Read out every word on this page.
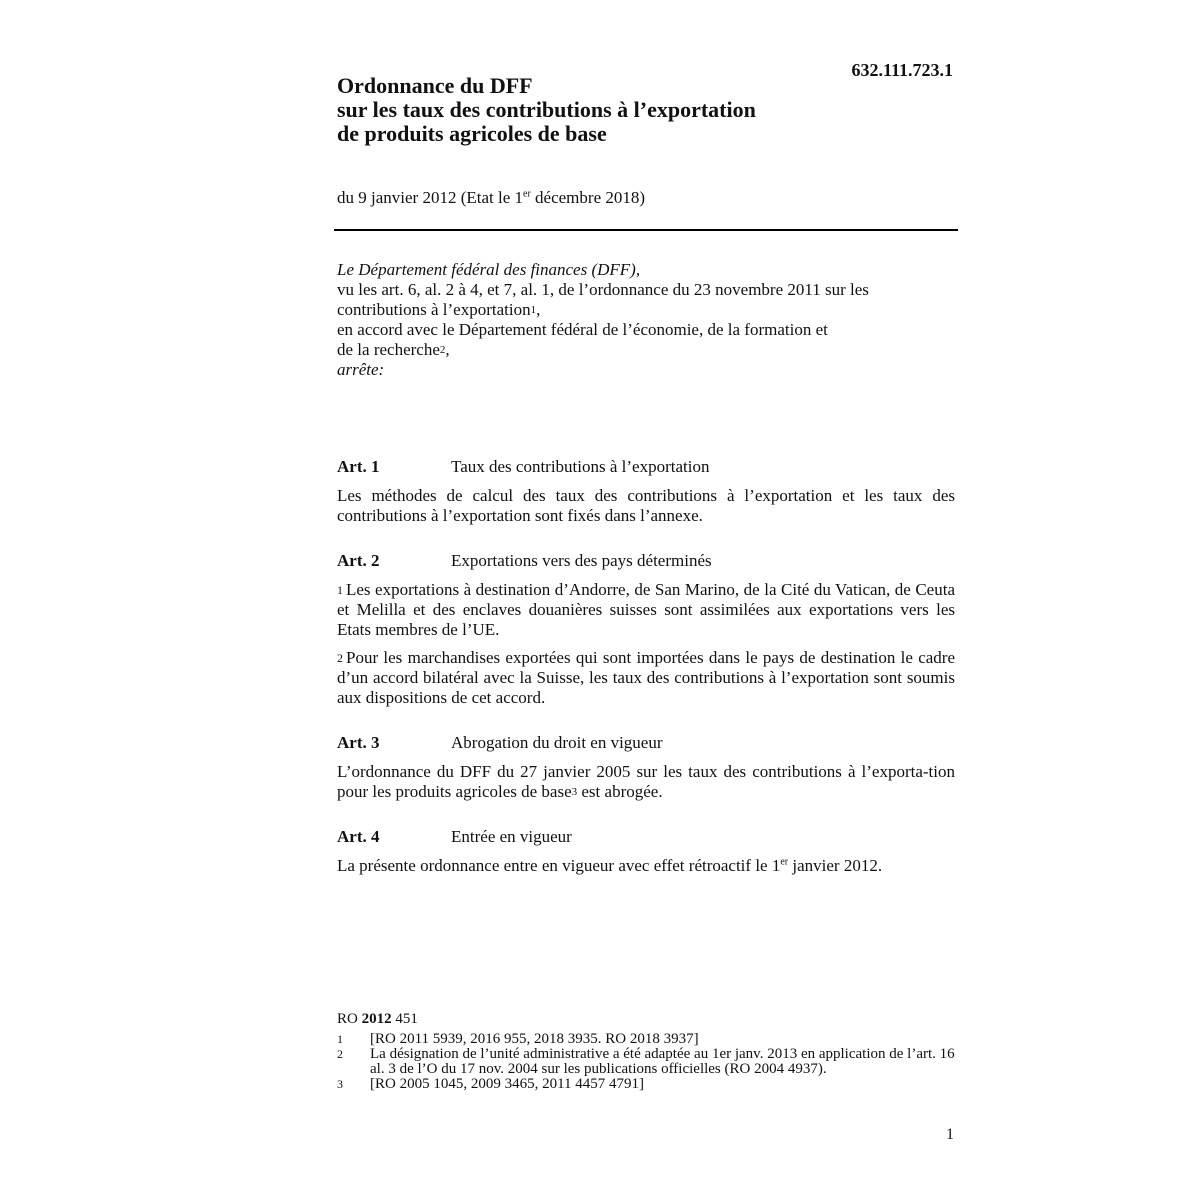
632.111.723.1
Ordonnance du DFF
sur les taux des contributions à l’exportation
de produits agricoles de base
du 9 janvier 2012 (Etat le 1er décembre 2018)
Le Département fédéral des finances (DFF),
vu les art. 6, al. 2 à 4, et 7, al. 1, de l’ordonnance du 23 novembre 2011 sur les
contributions à l’exportation$^1$,
en accord avec le Département fédéral de l’économie, de la formation et
de la recherche$^2$,
arrête:
Art. 1	Taux des contributions à l’exportation
Les méthodes de calcul des taux des contributions à l’exportation et les taux des contributions à l’exportation sont fixés dans l’annexe.
Art. 2	Exportations vers des pays déterminés
$^1$ Les exportations à destination d’Andorre, de San Marino, de la Cité du Vatican, de Ceuta et Melilla et des enclaves douanières suisses sont assimilées aux exportations vers les Etats membres de l’UE.
$^2$ Pour les marchandises exportées qui sont importées dans le pays de destination le cadre d’un accord bilatéral avec la Suisse, les taux des contributions à l’exportation sont soumis aux dispositions de cet accord.
Art. 3	Abrogation du droit en vigueur
L’ordonnance du DFF du 27 janvier 2005 sur les taux des contributions à l’exporta-tion pour les produits agricoles de base$^3$ est abrogée.
Art. 4	Entrée en vigueur
La présente ordonnance entre en vigueur avec effet rétroactif le 1er janvier 2012.
RO 2012 451
1	[RO 2011 5939, 2016 955, 2018 3935. RO 2018 3937]
2	La désignation de l’unité administrative a été adaptée au 1er janv. 2013 en application de l’art. 16 al. 3 de l’O du 17 nov. 2004 sur les publications officielles (RO 2004 4937).
3	[RO 2005 1045, 2009 3465, 2011 4457 4791]
1
